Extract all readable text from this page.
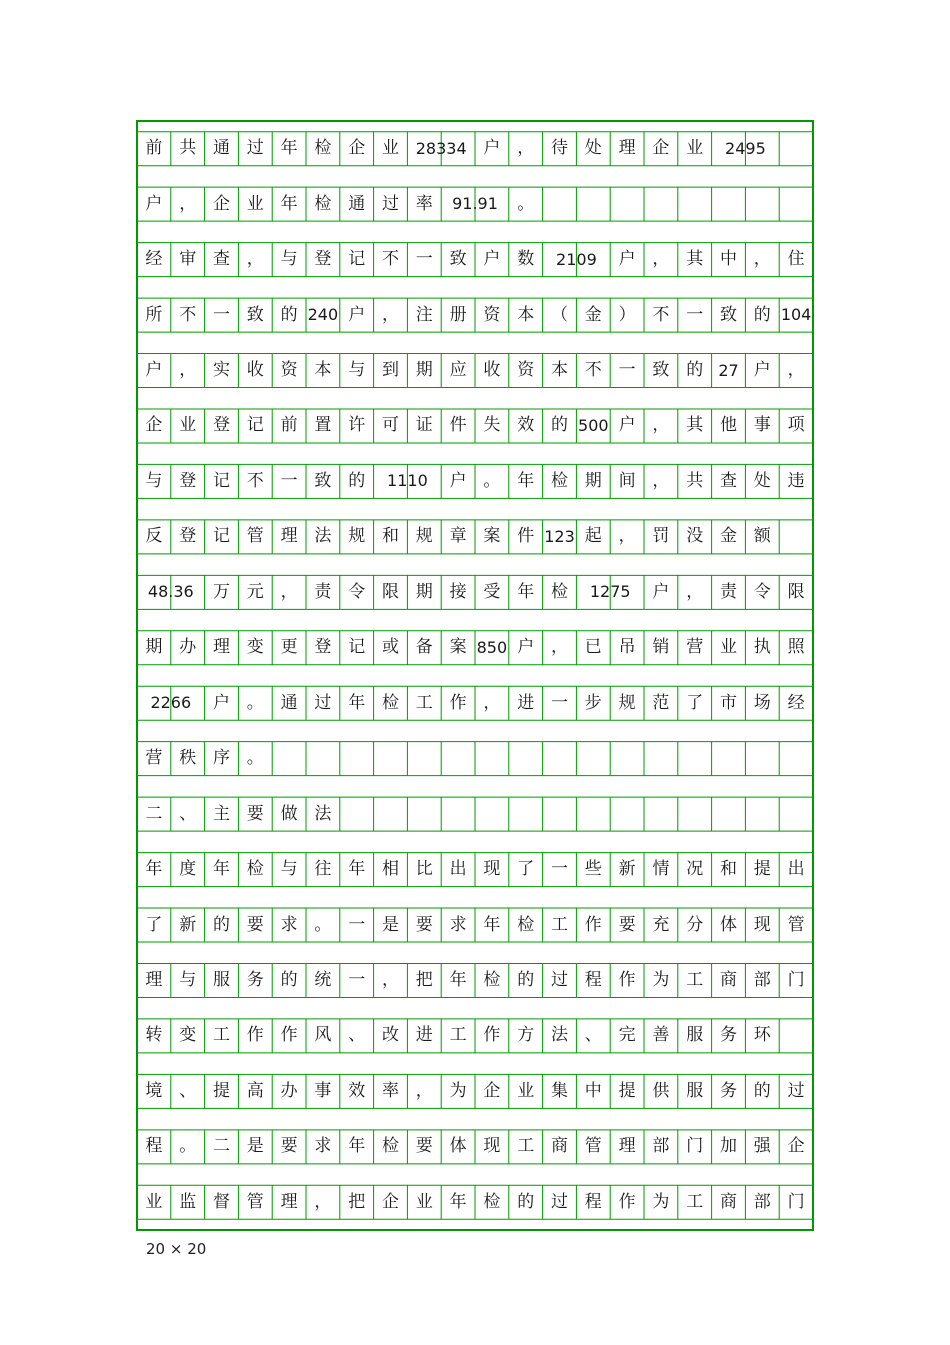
前 共 通 过 年 检 企 业	28334 户 ， 待 处 理 企 业	2495
户 ， 企 业 年 检 通 过 率	91.91	。
经 审 查 ， 与 登 记 不 一 致 户 数	2109	户 ， 其 中 ， 住
所 不 一 致 的 240 户 ， 注 册 资 本 （ 金 ） 不 一 致 的 104
户 ， 实 收 资 本 与 到 期 应 收 资 本 不 一 致 的 27 户 ，
企 业 登 记 前 置 许 可 证 件 失 效 的 500 户 ， 其 他 事 项
与 登 记 不 一 致 的	1110	户 。 年 检 期 间 ， 共 查 处 违
反 登 记 管 理 法 规 和 规 章 案 件 123 起 ， 罚 没 金 额
48.36	万 元 ， 责 令 限 期 接 受 年 检	1275	户 ， 责 令 限
期 办 理 变 更 登 记 或 备 案 850 户 ， 已 吊 销 营 业 执 照
2266	户 。 通 过 年 检 工 作 ， 进 一 步 规 范 了 市 场 经
营 秩 序 。
二 、 主 要 做 法
年 度 年 检 与 往 年 相 比 出 现 了 一 些 新 情 况 和 提 出
了 新 的 要 求 。 一 是 要 求 年 检 工 作 要 充 分 体 现 管
理 与 服 务 的 统 一 ， 把 年 检 的 过 程 作 为 工 商 部 门
转 变 工 作 作 风 、 改 进 工 作 方 法 、 完 善 服 务 环
境 、 提 高 办 事 效 率 ， 为 企 业 集 中 提 供 服 务 的 过
程 。 二 是 要 求 年 检 要 体 现 工 商 管 理 部 门 加 强 企
业 监 督 管 理 ， 把 企 业 年 检 的 过 程 作 为 工 商 部 门
20 × 20
